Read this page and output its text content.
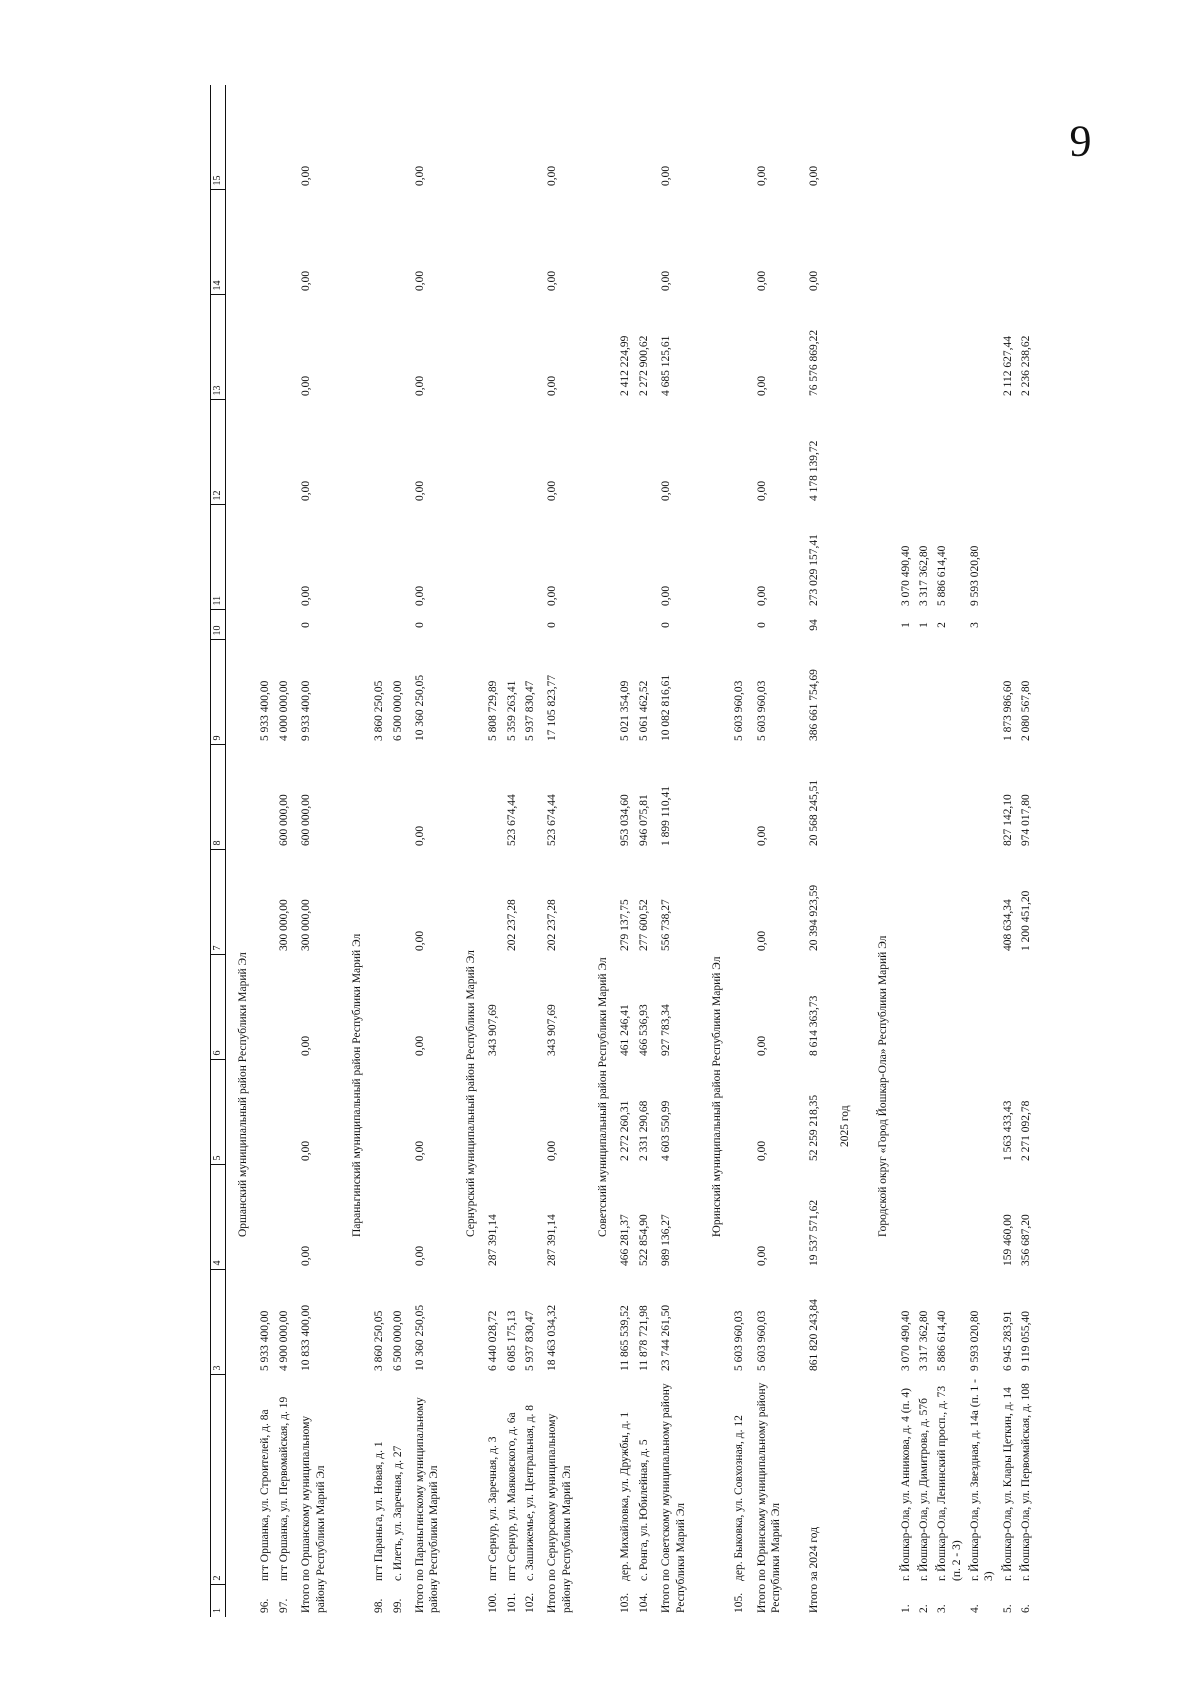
9
1	2	3	4	5	6	7	8	9	10	11	12	13	14	15
Оршанский муниципальный район Республики Марий Эл														
96.	пгт Оршанка, ул. Строителей, д. 8а	5 933 400,00						5 933 400,00						
97.	пгт Оршанка, ул. Первомайская, д. 19	4 900 000,00				300 000,00	600 000,00	4 000 000,00						
Итого по Оршанскому муниципальному району Республики Марий Эл		10 833 400,00	0,00	0,00	0,00	300 000,00	600 000,00	9 933 400,00	0	0,00	0,00	0,00	0,00	0,00
Параньгинский муниципальный район Республики Марий Эл														
98.	пгт Параньга, ул. Новая, д. 1	3 860 250,05						3 860 250,05						
99.	с. Илеть, ул. Заречная, д. 27	6 500 000,00						6 500 000,00						
Итого по Параньгинскому муниципальному району Республики Марий Эл		10 360 250,05	0,00	0,00	0,00	0,00	0,00	10 360 250,05	0	0,00	0,00	0,00	0,00	0,00
Сернурский муниципальный район Республики Марий Эл														
100.	пгт Сернур, ул. Заречная, д. 3	6 440 028,72	287 391,14		343 907,69			5 808 729,89						
101.	пгт Сернур, ул. Маяковского, д. 6а	6 085 175,13				202 237,28	523 674,44	5 359 263,41						
102.	с. Зашижемье, ул. Центральная, д. 8	5 937 830,47						5 937 830,47						
Итого по Сернурскому муниципальному району Республики Марий Эл		18 463 034,32	287 391,14	0,00	343 907,69	202 237,28	523 674,44	17 105 823,77	0	0,00	0,00	0,00	0,00	0,00
Советский муниципальный район Республики Марий Эл														
103.	дер. Михайловка, ул. Дружбы, д. 1	11 865 539,52	466 281,37	2 272 260,31	461 246,41	279 137,75	953 034,60	5 021 354,09				2 412 224,99		
104.	с. Ронга, ул. Юбилейная, д. 5	11 878 721,98	522 854,90	2 331 290,68	466 536,93	277 600,52	946 075,81	5 061 462,52				2 272 900,62		
Итого по Советскому муниципальному району Республики Марий Эл		23 744 261,50	989 136,27	4 603 550,99	927 783,34	556 738,27	1 899 110,41	10 082 816,61	0	0,00	0,00	4 685 125,61	0,00	0,00
Юринский муниципальный район Республики Марий Эл														
105.	дер. Быковка, ул. Совхозная, д. 12	5 603 960,03						5 603 960,03						
Итого по Юринскому муниципальному району Республики Марий Эл		5 603 960,03	0,00	0,00	0,00	0,00	0,00	5 603 960,03	0	0,00	0,00	0,00	0,00	0,00
Итого за 2024 год		861 820 243,84	19 537 571,62	52 259 218,35	8 614 363,73	20 394 923,59	20 568 245,51	386 661 754,69	94	273 029 157,41	4 178 139,72	76 576 869,22	0,00	0,00
2025 год														
Городской округ «Город Йошкар-Ола» Республики Марий Эл														
1.	г. Йошкар-Ола, ул. Анникова, д. 4 (п. 4)	3 070 490,40							1	3 070 490,40				
2.	г. Йошкар-Ола, ул. Димитрова, д. 57б	3 317 362,80							1	3 317 362,80				
3.	г. Йошкар-Ола, Ленинский просп., д. 73 (п. 2 - 3)	5 886 614,40							2	5 886 614,40				
4.	г. Йошкар-Ола, ул. Звездная, д. 14а (п. 1 - 3)	9 593 020,80							3	9 593 020,80				
5.	г. Йошкар-Ола, ул. Клары Цеткин, д. 14	6 945 283,91	159 460,00	1 563 433,43		408 634,34	827 142,10	1 873 986,60				2 112 627,44		
6.	г. Йошкар-Ола, ул. Первомайская, д. 108	9 119 055,40	356 687,20	2 271 092,78		1 200 451,20	974 017,80	2 080 567,80				2 236 238,62		
